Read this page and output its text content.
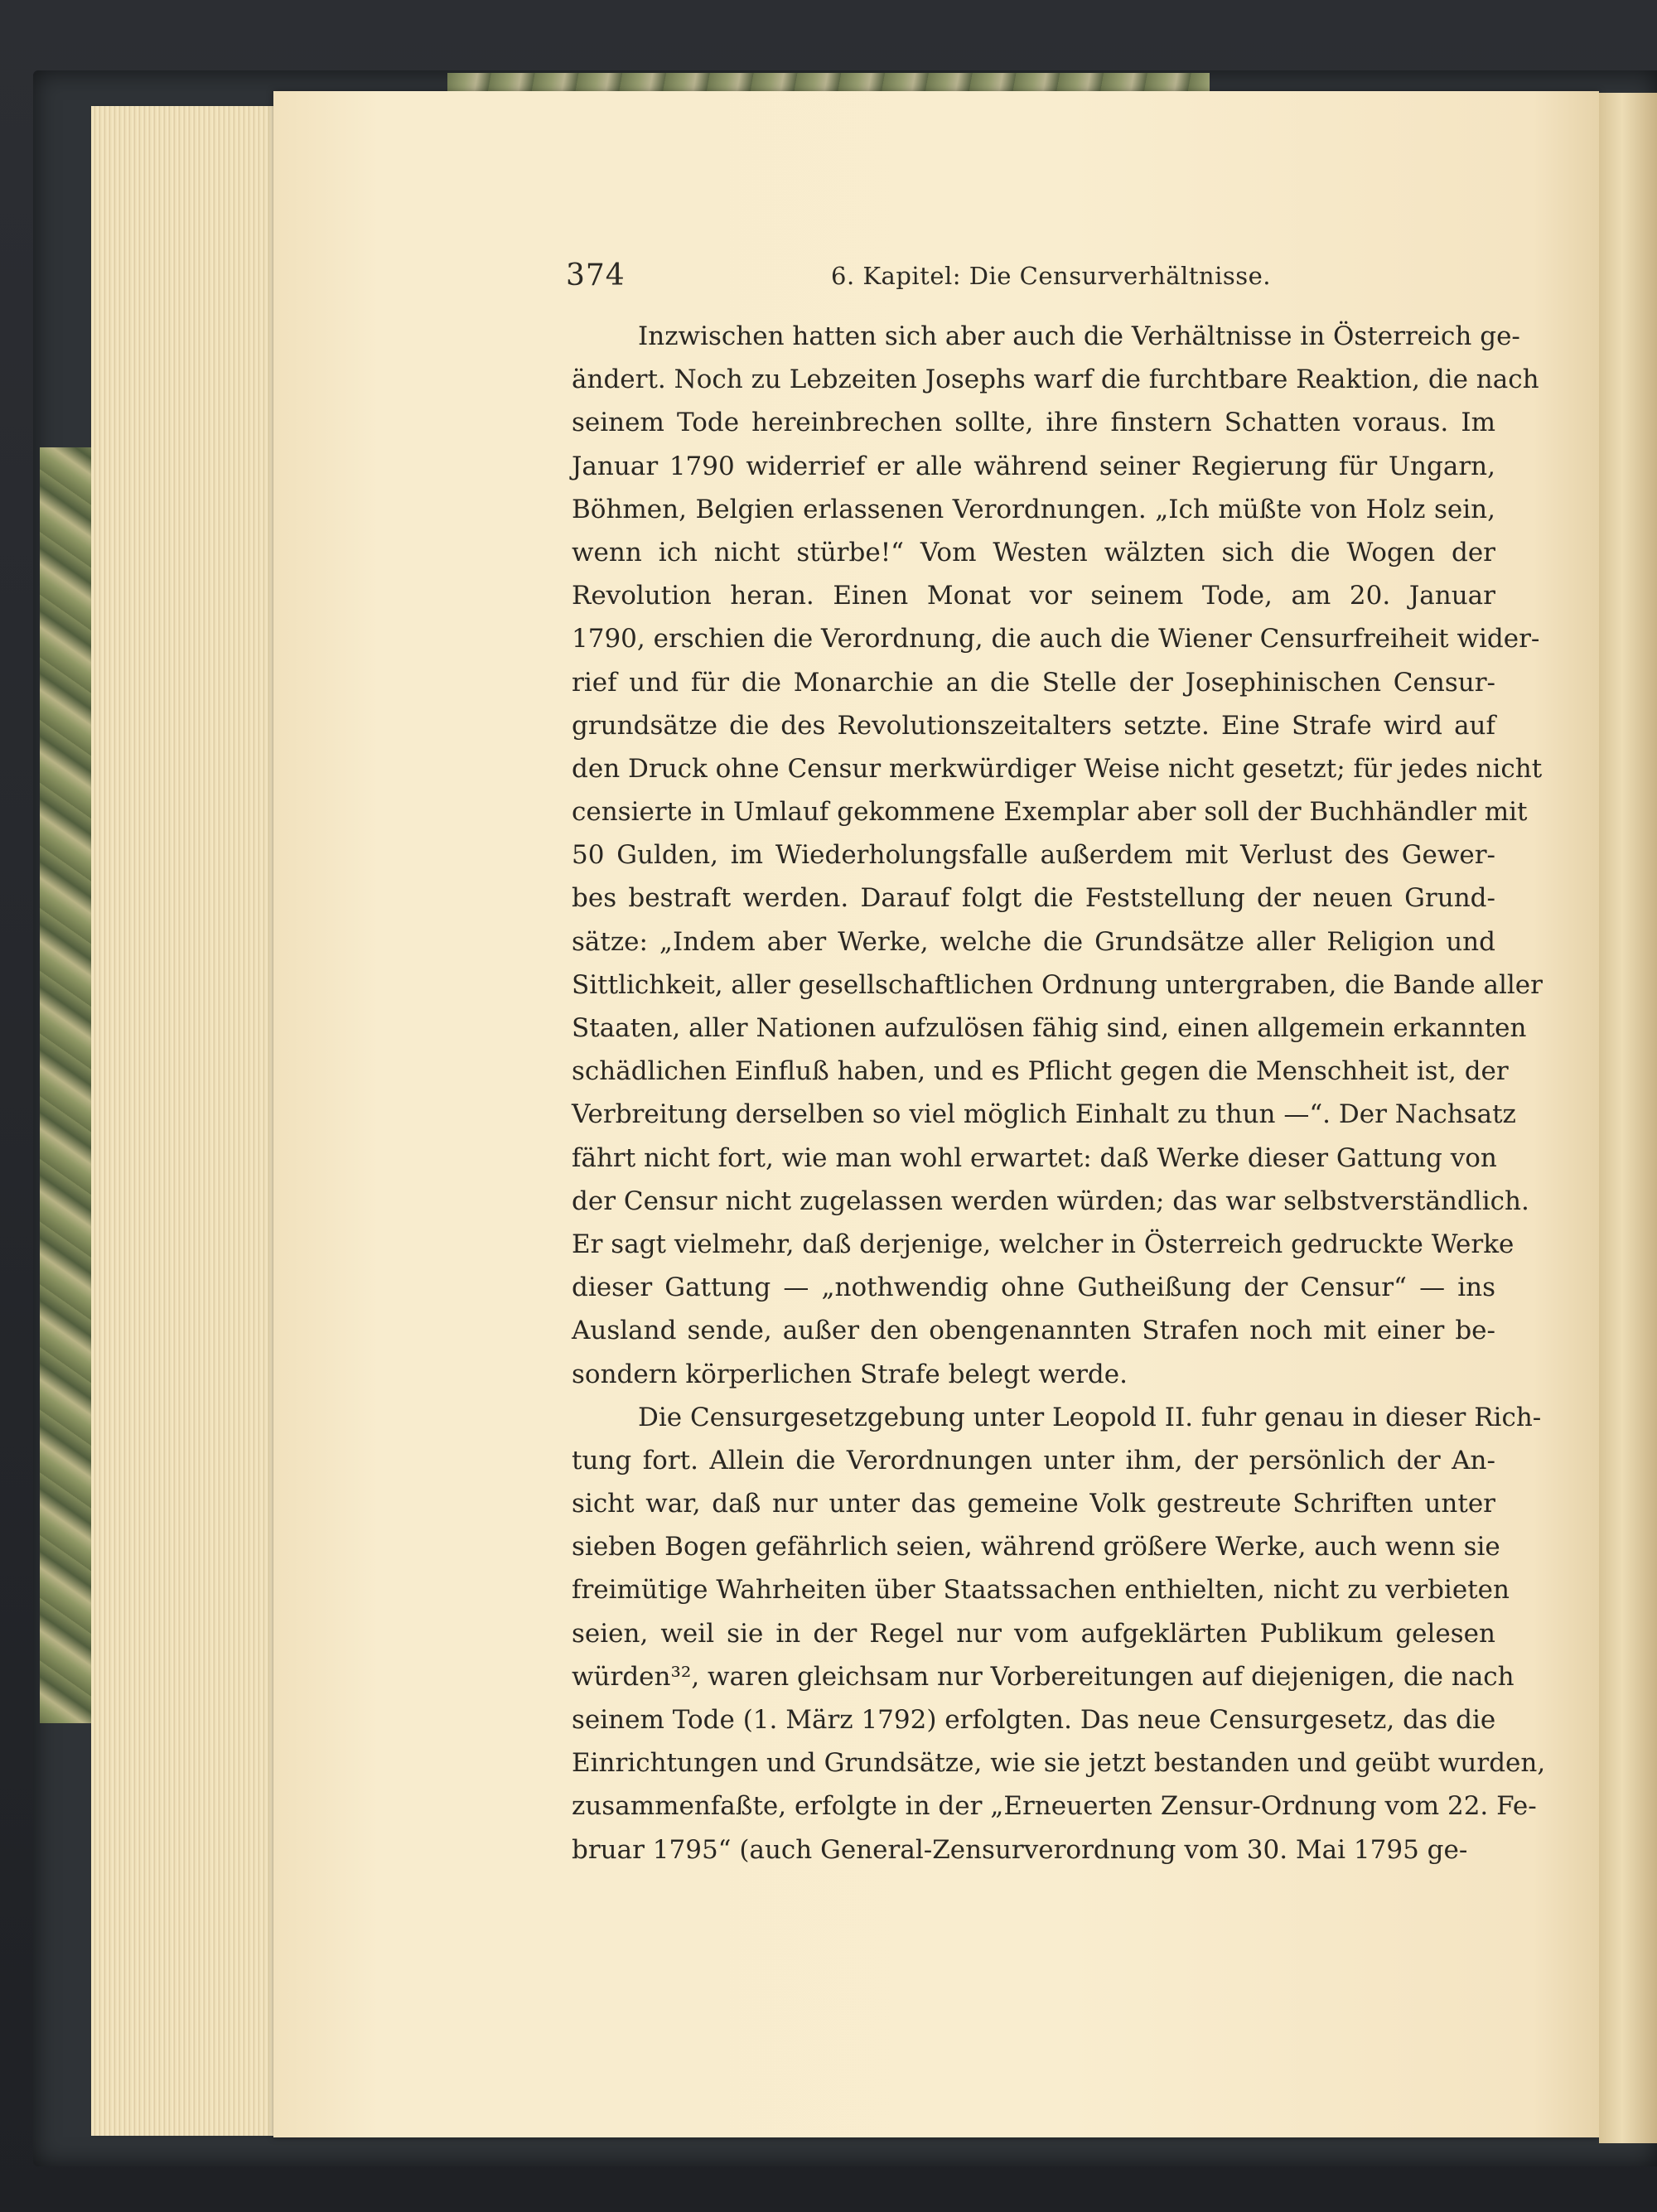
374	6. Kapitel: Die Censurverhältnisse.

Inzwischen hatten sich aber auch die Verhältnisse in Österreich ge-
ändert. Noch zu Lebzeiten Josephs warf die furchtbare Reaktion, die nach
seinem Tode hereinbrechen sollte, ihre finstern Schatten voraus. Im
Januar 1790 widerrief er alle während seiner Regierung für Ungarn,
Böhmen, Belgien erlassenen Verordnungen. „Ich müßte von Holz sein,
wenn ich nicht stürbe!“ Vom Westen wälzten sich die Wogen der
Revolution heran. Einen Monat vor seinem Tode, am 20. Januar
1790, erschien die Verordnung, die auch die Wiener Censurfreiheit wider-
rief und für die Monarchie an die Stelle der Josephinischen Censur-
grundsätze die des Revolutionszeitalters setzte. Eine Strafe wird auf
den Druck ohne Censur merkwürdiger Weise nicht gesetzt; für jedes nicht
censierte in Umlauf gekommene Exemplar aber soll der Buchhändler mit
50 Gulden, im Wiederholungsfalle außerdem mit Verlust des Gewer-
bes bestraft werden. Darauf folgt die Feststellung der neuen Grund-
sätze: „Indem aber Werke, welche die Grundsätze aller Religion und
Sittlichkeit, aller gesellschaftlichen Ordnung untergraben, die Bande aller
Staaten, aller Nationen aufzulösen fähig sind, einen allgemein erkannten
schädlichen Einfluß haben, und es Pflicht gegen die Menschheit ist, der
Verbreitung derselben so viel möglich Einhalt zu thun —“. Der Nachsatz
fährt nicht fort, wie man wohl erwartet: daß Werke dieser Gattung von
der Censur nicht zugelassen werden würden; das war selbstverständlich.
Er sagt vielmehr, daß derjenige, welcher in Österreich gedruckte Werke
dieser Gattung — „nothwendig ohne Gutheißung der Censur“ — ins
Ausland sende, außer den obengenannten Strafen noch mit einer be-
sondern körperlichen Strafe belegt werde.

Die Censurgesetzgebung unter Leopold II. fuhr genau in dieser Rich-
tung fort. Allein die Verordnungen unter ihm, der persönlich der An-
sicht war, daß nur unter das gemeine Volk gestreute Schriften unter
sieben Bogen gefährlich seien, während größere Werke, auch wenn sie
freimütige Wahrheiten über Staatssachen enthielten, nicht zu verbieten
seien, weil sie in der Regel nur vom aufgeklärten Publikum gelesen
würden³², waren gleichsam nur Vorbereitungen auf diejenigen, die nach
seinem Tode (1. März 1792) erfolgten. Das neue Censurgesetz, das die
Einrichtungen und Grundsätze, wie sie jetzt bestanden und geübt wurden,
zusammenfaßte, erfolgte in der „Erneuerten Zensur-Ordnung vom 22. Fe-
bruar 1795“ (auch General-Zensurverordnung vom 30. Mai 1795 ge-
